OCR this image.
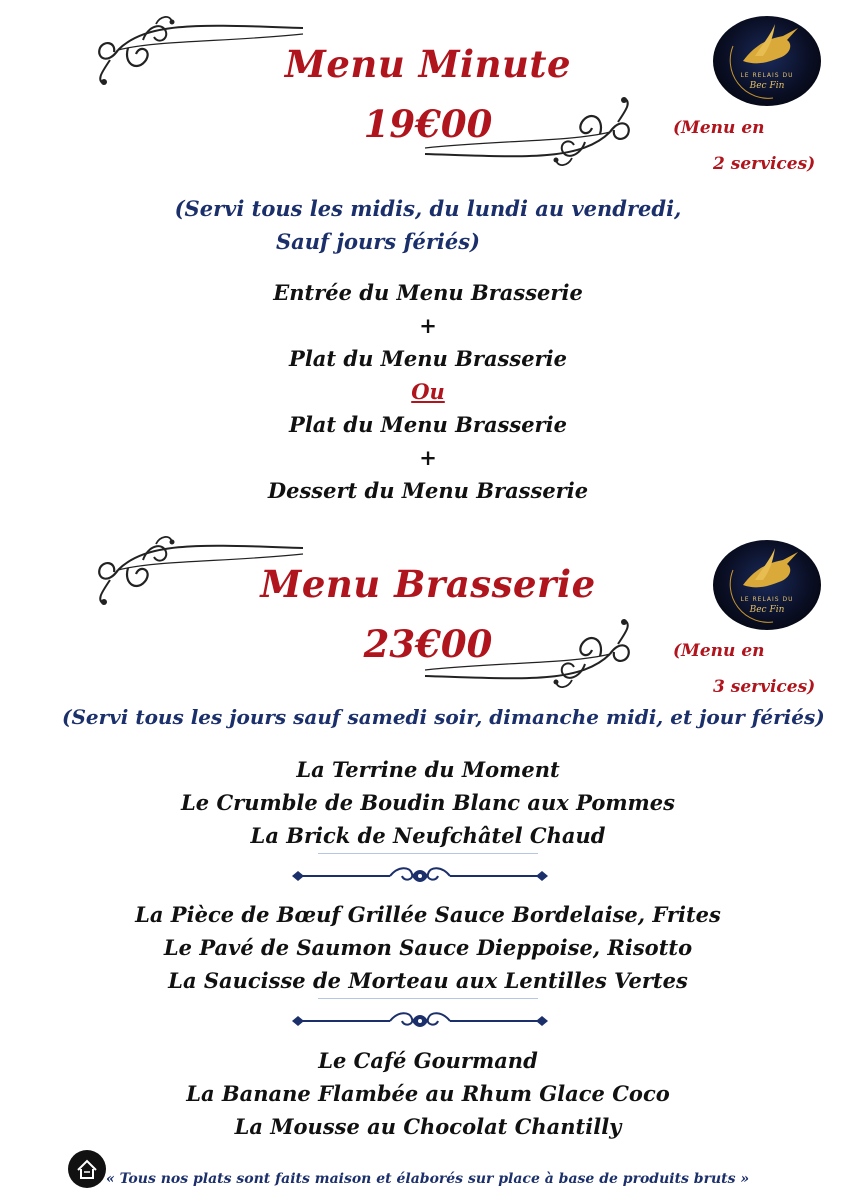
Menu Minute
19€00
LE RELAIS DU
Bec Fin
(Menu en
2 services)
(Servi tous les midis, du lundi au vendredi,
Sauf jours fériés)
Entrée du Menu Brasserie
+
Plat du Menu Brasserie
Ou
Plat du Menu Brasserie
+
Dessert du Menu Brasserie
Menu Brasserie
23€00
LE RELAIS DU
Bec Fin
(Menu en
3 services)
(Servi tous les jours sauf samedi soir, dimanche midi, et jour fériés)
La Terrine du Moment
Le Crumble de Boudin Blanc aux Pommes
La Brick de Neufchâtel Chaud
La Pièce de Bœuf Grillée Sauce Bordelaise, Frites
Le Pavé de Saumon Sauce Dieppoise, Risotto
La Saucisse de Morteau aux Lentilles Vertes
Le Café Gourmand
La Banane Flambée au Rhum Glace Coco
La Mousse au Chocolat Chantilly
« Tous nos plats sont faits maison et élaborés sur place à base de produits bruts »
